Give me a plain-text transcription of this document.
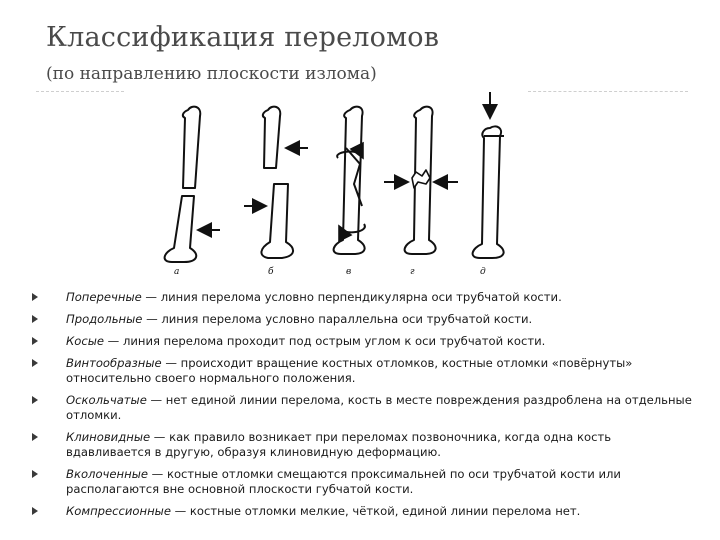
Классификация переломов
(по направлению плоскости излома)
а	б	в	г	д
Поперечные — линия перелома условно перпендикулярна оси трубчатой кости.
Продольные — линия перелома условно параллельна оси трубчатой кости.
Косые — линия перелома проходит под острым углом к оси трубчатой кости.
Винтообразные — происходит вращение костных отломков, костные отломки «повёрнуты» относительно своего нормального положения.
Оскольчатые — нет единой линии перелома, кость в месте повреждения раздроблена на отдельные отломки.
Клиновидные — как правило возникает при переломах позвоночника, когда одна кость вдавливается в другую, образуя клиновидную деформацию.
Вколоченные — костные отломки смещаются проксимальней по оси трубчатой кости или располагаются вне основной плоскости губчатой кости.
Компрессионные — костные отломки мелкие, чёткой, единой линии перелома нет.
